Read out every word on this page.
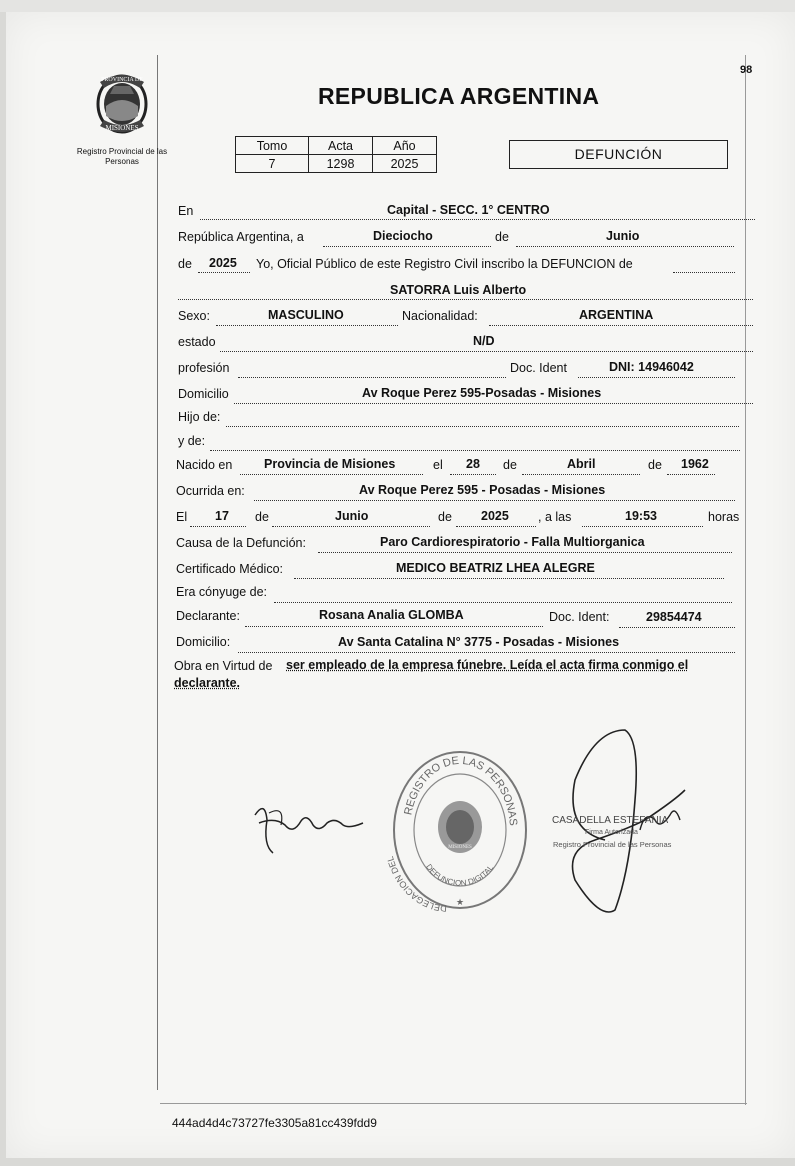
98
PROVINCIA DE
MISIONES
Registro Provincial de las Personas
REPUBLICA ARGENTINA
Tomo	Acta	Año
7	1298	2025
DEFUNCIÓN
En	Capital - SECC. 1° CENTRO
República Argentina, a	Dieciocho	de	Junio
de 2025 Yo, Oficial Público de este Registro Civil inscribo la DEFUNCION de
SATORRA Luis Alberto
Sexo:	MASCULINO	Nacionalidad:	ARGENTINA
estado	N/D
profesión	Doc. Ident	DNI: 14946042
Domicilio	Av Roque Perez 595-Posadas - Misiones
Hijo de:
y de:
Nacido en	Provincia de Misiones	el 28 de	Abril	de 1962
Ocurrida en:	Av Roque Perez 595 - Posadas - Misiones
El 17 de	Junio	de 2025 , a las	19:53	horas
Causa de la Defunción:	Paro Cardiorespiratorio - Falla Multiorganica
Certificado Médico:	MEDICO BEATRIZ LHEA ALEGRE
Era cónyuge de:
Declarante:	Rosana Analia GLOMBA	Doc. Ident:	29854474
Domicilio:	Av Santa Catalina N° 3775 - Posadas - Misiones
Obra en Virtud de ser empleado de la empresa fúnebre. Leída el acta firma conmigo el
declarante.
REGISTRO DE LAS PERSONAS
DELEGACION DEL
DEFUNCION DIGITAL
MISIONES
★
CASADELLA ESTEFANIA
Firma Autorizada
Registro Provincial de las Personas
444ad4d4c73727fe3305a81cc439fdd9
